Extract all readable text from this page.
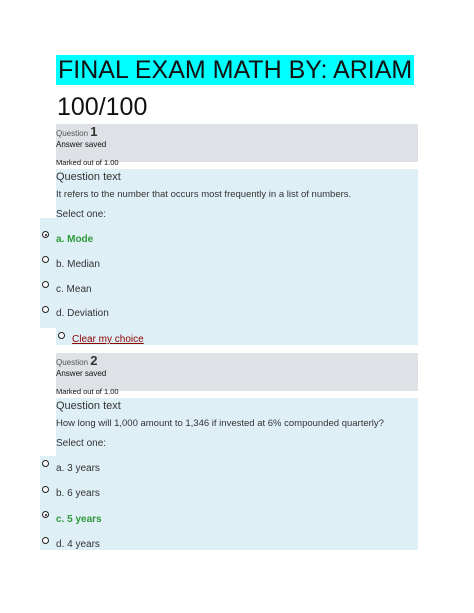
FINAL EXAM MATH BY: ARIAM
100/100
Question 1
Answer saved
Marked out of 1.00
Question text
It refers to the number that occurs most frequently in a list of numbers.
Select one:
a. Mode
b. Median
c. Mean
d. Deviation
Clear my choice
Question 2
Answer saved
Marked out of 1.00
Question text
How long will 1,000 amount to 1,346 if invested at 6% compounded quarterly?
Select one:
a. 3 years
b. 6 years
c. 5 years
d. 4 years
